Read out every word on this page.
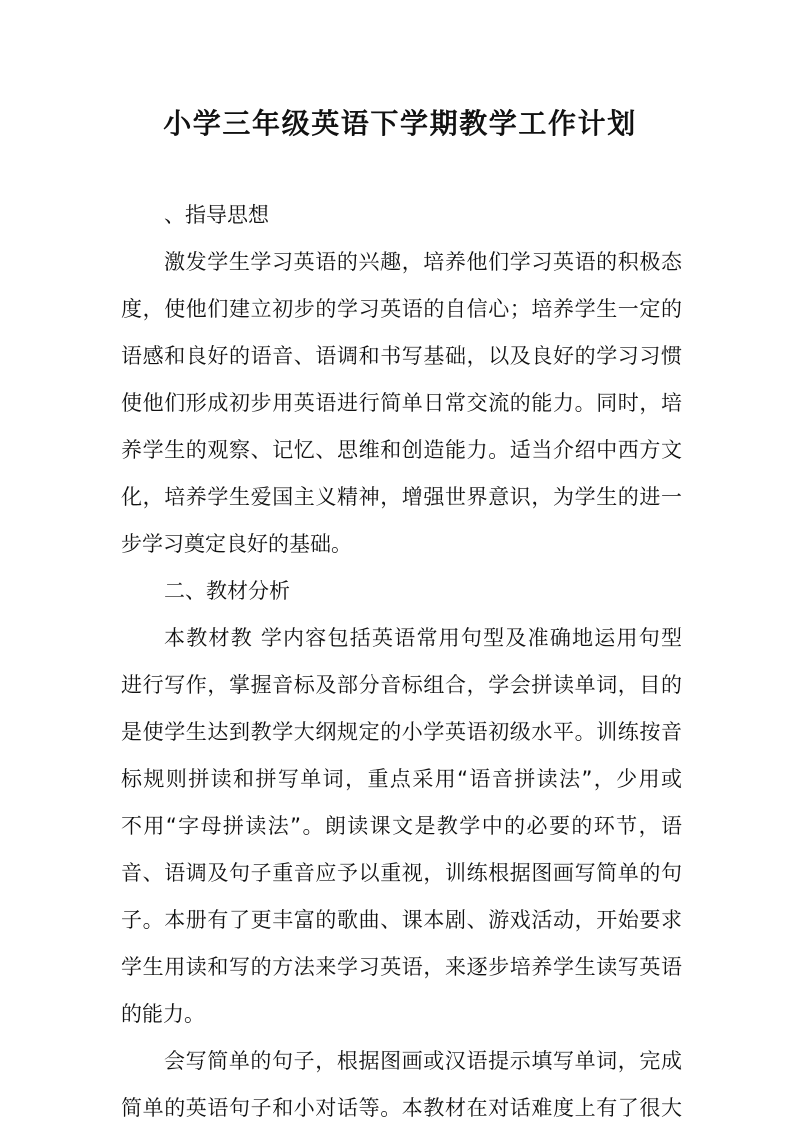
小学三年级英语下学期教学工作计划
、指导思想
激发学生学习英语的兴趣，培养他们学习英语的积极态
度，使他们建立初步的学习英语的自信心；培养学生一定的
语感和良好的语音、语调和书写基础，以及良好的学习习惯
使他们形成初步用英语进行简单日常交流的能力。同时，培
养学生的观察、记忆、思维和创造能力。适当介绍中西方文
化，培养学生爱国主义精神，增强世界意识，为学生的进一
步学习奠定良好的基础。
二、教材分析
本教材教 学内容包括英语常用句型及准确地运用句型
进行写作，掌握音标及部分音标组合，学会拼读单词，目的
是使学生达到教学大纲规定的小学英语初级水平。训练按音
标规则拼读和拼写单词，重点采用“语音拼读法”，少用或
不用“字母拼读法”。朗读课文是教学中的必要的环节，语
音、语调及句子重音应予以重视，训练根据图画写简单的句
子。本册有了更丰富的歌曲、课本剧、游戏活动，开始要求
学生用读和写的方法来学习英语，来逐步培养学生读写英语
的能力。
会写简单的句子，根据图画或汉语提示填写单词，完成
简单的英语句子和小对话等。本教材在对话难度上有了很大
